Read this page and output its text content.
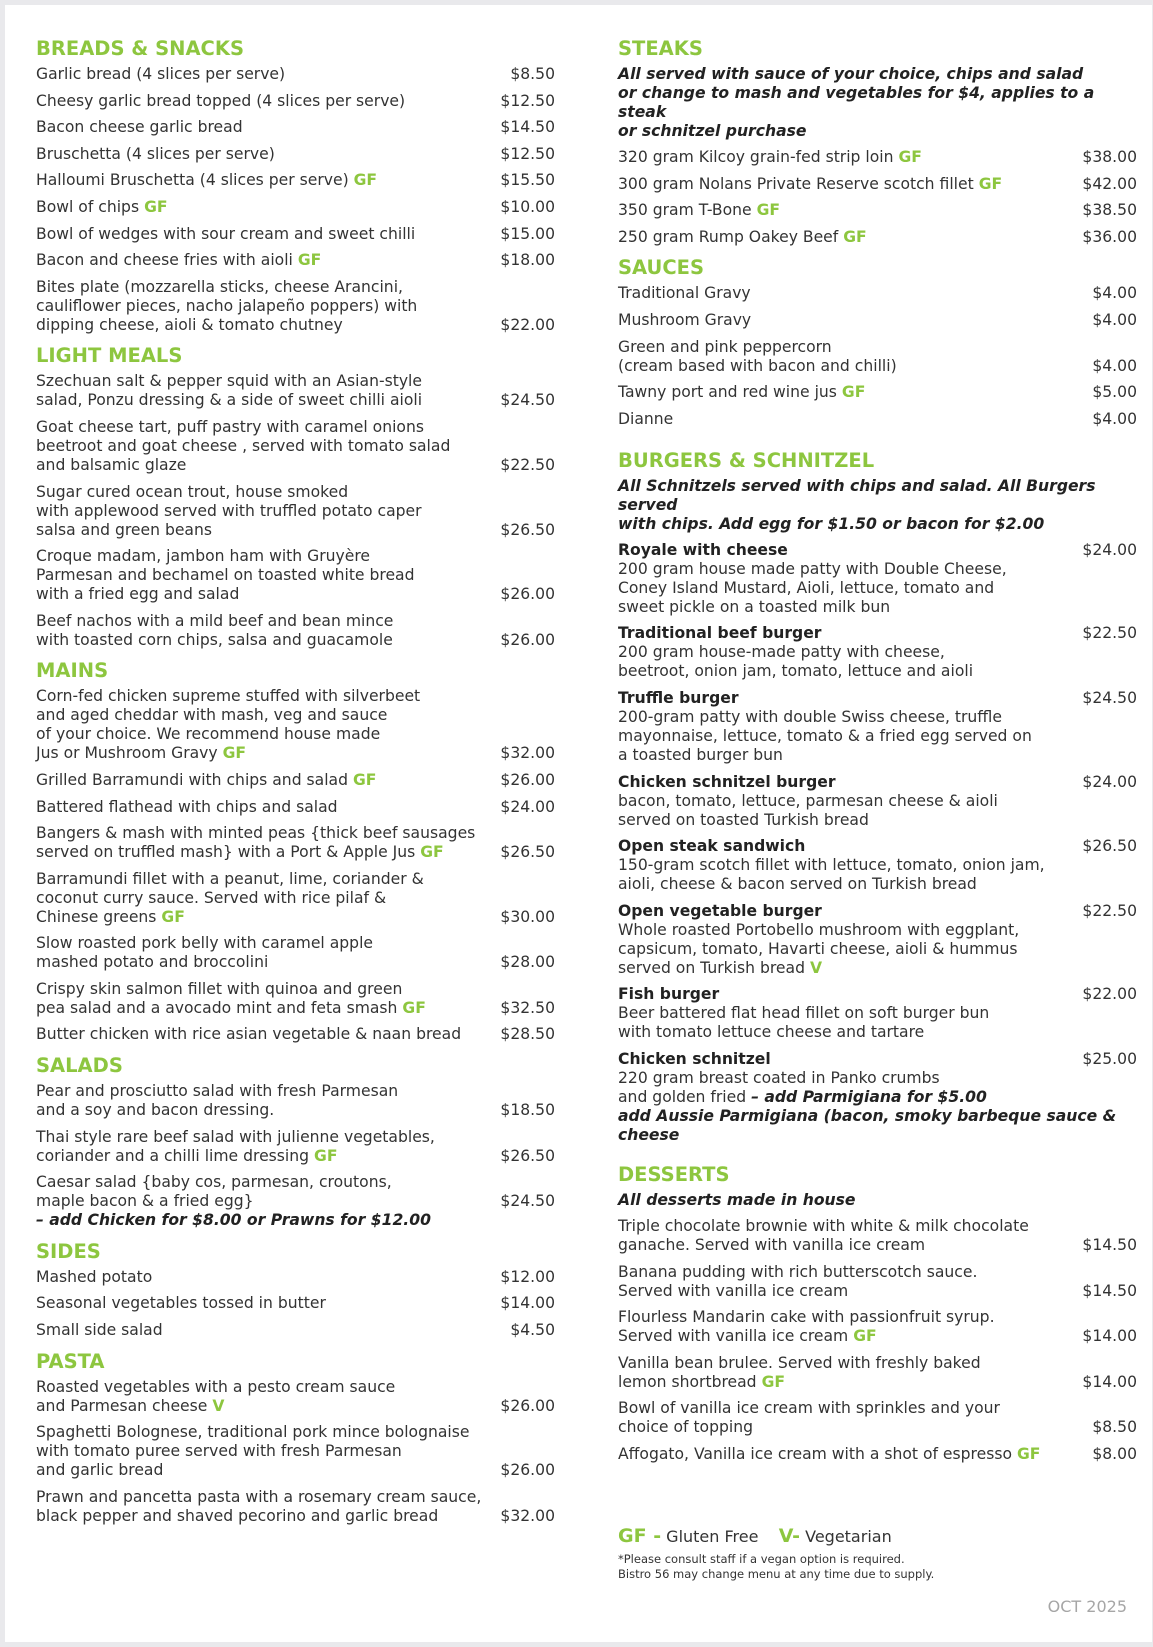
BREADS & SNACKS
Garlic bread (4 slices per serve)	$8.50
Cheesy garlic bread topped (4 slices per serve)	$12.50
Bacon cheese garlic bread	$14.50
Bruschetta (4 slices per serve)	$12.50
Halloumi Bruschetta (4 slices per serve) GF	$15.50
Bowl of chips GF	$10.00
Bowl of wedges with sour cream and sweet chilli	$15.00
Bacon and cheese fries with aioli GF	$18.00
Bites plate (mozzarella sticks, cheese Arancini,
cauliflower pieces, nacho jalapeño poppers) with
dipping cheese, aioli & tomato chutney	$22.00
LIGHT MEALS
Szechuan salt & pepper squid with an Asian-style
salad, Ponzu dressing & a side of sweet chilli aioli	$24.50
Goat cheese tart, puff pastry with caramel onions
beetroot and goat cheese , served with tomato salad
and balsamic glaze	$22.50
Sugar cured ocean trout, house smoked
with applewood served with truffled potato caper
salsa and green beans	$26.50
Croque madam, jambon ham with Gruyère
Parmesan and bechamel on toasted white bread
with a fried egg and salad	$26.00
Beef nachos with a mild beef and bean mince
with toasted corn chips, salsa and guacamole	$26.00
MAINS
Corn-fed chicken supreme stuffed with silverbeet
and aged cheddar with mash, veg and sauce
of your choice. We recommend house made
Jus or Mushroom Gravy GF	$32.00
Grilled Barramundi with chips and salad GF	$26.00
Battered flathead with chips and salad	$24.00
Bangers & mash with minted peas {thick beef sausages
served on truffled mash} with a Port & Apple Jus GF	$26.50
Barramundi fillet with a peanut, lime, coriander &
coconut curry sauce. Served with rice pilaf &
Chinese greens GF	$30.00
Slow roasted pork belly with caramel apple
mashed potato and broccolini	$28.00
Crispy skin salmon fillet with quinoa and green
pea salad and a avocado mint and feta smash GF	$32.50
Butter chicken with rice asian vegetable & naan bread	$28.50
SALADS
Pear and prosciutto salad with fresh Parmesan
and a soy and bacon dressing.	$18.50
Thai style rare beef salad with julienne vegetables,
coriander and a chilli lime dressing GF	$26.50
Caesar salad {baby cos, parmesan, croutons,
maple bacon & a fried egg}	$24.50
– add Chicken for $8.00 or Prawns for $12.00
SIDES
Mashed potato	$12.00
Seasonal vegetables tossed in butter	$14.00
Small side salad	$4.50
PASTA
Roasted vegetables with a pesto cream sauce
and Parmesan cheese V	$26.00
Spaghetti Bolognese, traditional pork mince bolognaise
with tomato puree served with fresh Parmesan
and garlic bread	$26.00
Prawn and pancetta pasta with a rosemary cream sauce,
black pepper and shaved pecorino and garlic bread	$32.00
STEAKS
All served with sauce of your choice, chips and salad
or change to mash and vegetables for $4, applies to a steak
or schnitzel purchase
320 gram Kilcoy grain-fed strip loin GF	$38.00
300 gram Nolans Private Reserve scotch fillet GF	$42.00
350 gram T-Bone GF	$38.50
250 gram Rump Oakey Beef GF	$36.00
SAUCES
Traditional Gravy	$4.00
Mushroom Gravy	$4.00
Green and pink peppercorn
(cream based with bacon and chilli)	$4.00
Tawny port and red wine jus GF	$5.00
Dianne	$4.00
BURGERS & SCHNITZEL
All Schnitzels served with chips and salad. All Burgers served
with chips. Add egg for $1.50 or bacon for $2.00
Royale with cheese	$24.00
200 gram house made patty with Double Cheese,
Coney Island Mustard, Aioli, lettuce, tomato and
sweet pickle on a toasted milk bun
Traditional beef burger	$22.50
200 gram house-made patty with cheese,
beetroot, onion jam, tomato, lettuce and aioli
Truffle burger	$24.50
200-gram patty with double Swiss cheese, truffle
mayonnaise, lettuce, tomato & a fried egg served on
a toasted burger bun
Chicken schnitzel burger	$24.00
bacon, tomato, lettuce, parmesan cheese & aioli
served on toasted Turkish bread
Open steak sandwich	$26.50
150-gram scotch fillet with lettuce, tomato, onion jam,
aioli, cheese & bacon served on Turkish bread
Open vegetable burger	$22.50
Whole roasted Portobello mushroom with eggplant,
capsicum, tomato, Havarti cheese, aioli & hummus
served on Turkish bread V
Fish burger	$22.00
Beer battered flat head fillet on soft burger bun
with tomato lettuce cheese and tartare
Chicken schnitzel	$25.00
220 gram breast coated in Panko crumbs
and golden fried – add Parmigiana for $5.00
add Aussie Parmigiana (bacon, smoky barbeque sauce & cheese
DESSERTS
All desserts made in house
Triple chocolate brownie with white & milk chocolate
ganache. Served with vanilla ice cream	$14.50
Banana pudding with rich butterscotch sauce.
Served with vanilla ice cream	$14.50
Flourless Mandarin cake with passionfruit syrup.
Served with vanilla ice cream GF	$14.00
Vanilla bean brulee. Served with freshly baked
lemon shortbread GF	$14.00
Bowl of vanilla ice cream with sprinkles and your
choice of topping	$8.50
Affogato, Vanilla ice cream with a shot of espresso GF	$8.00
GF - Gluten Free V- Vegetarian
*Please consult staff if a vegan option is required.
Bistro 56 may change menu at any time due to supply.
OCT 2025
